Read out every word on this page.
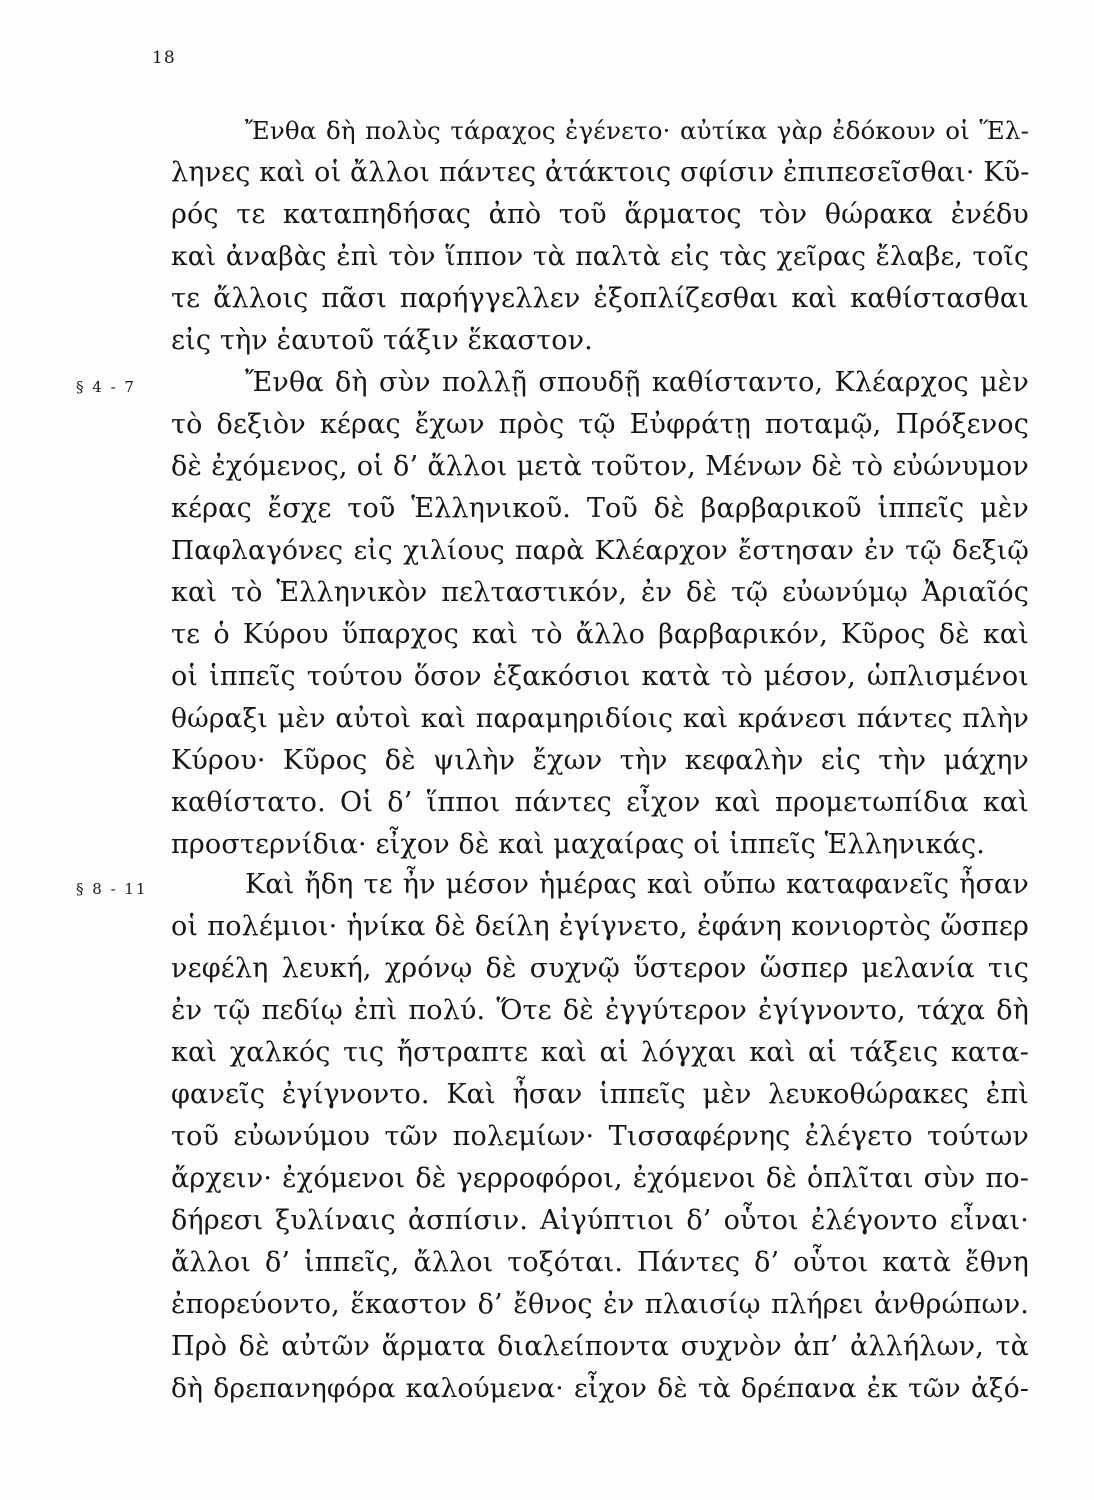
18
§ 4 - 7
§ 8 - 11
Ἔνθα δὴ πολὺς τάραχος ἐγένετο· αὐτίκα γὰρ ἐδόκουν οἱ Ἕλ-
ληνες καὶ οἱ ἄλλοι πάντες ἀτάκτοις σφίσιν ἐπιπεσεῖσθαι· Κῦ-
ρός τε καταπηδήσας ἀπὸ τοῦ ἅρματος τὸν θώρακα ἐνέδυ
καὶ ἀναβὰς ἐπὶ τὸν ἵππον τὰ παλτὰ εἰς τὰς χεῖρας ἔλαβε, τοῖς
τε ἄλλοις πᾶσι παρήγγελλεν ἐξοπλίζεσθαι καὶ καθίστασθαι
εἰς τὴν ἑαυτοῦ τάξιν ἕκαστον.
Ἔνθα δὴ σὺν πολλῇ σπουδῇ καθίσταντο, Κλέαρχος μὲν
τὸ δεξιὸν κέρας ἔχων πρὸς τῷ Εὐφράτῃ ποταμῷ, Πρόξενος
δὲ ἐχόμενος, οἱ δ’ ἄλλοι μετὰ τοῦτον, Μένων δὲ τὸ εὐώνυμον
κέρας ἔσχε τοῦ Ἑλληνικοῦ. Τοῦ δὲ βαρβαρικοῦ ἱππεῖς μὲν
Παφλαγόνες εἰς χιλίους παρὰ Κλέαρχον ἔστησαν ἐν τῷ δεξιῷ
καὶ τὸ Ἑλληνικὸν πελταστικόν, ἐν δὲ τῷ εὐωνύμῳ Ἀριαῖός
τε ὁ Κύρου ὕπαρχος καὶ τὸ ἄλλο βαρβαρικόν, Κῦρος δὲ καὶ
οἱ ἱππεῖς τούτου ὅσον ἑξακόσιοι κατὰ τὸ μέσον, ὡπλισμένοι
θώραξι μὲν αὐτοὶ καὶ παραμηριδίοις καὶ κράνεσι πάντες πλὴν
Κύρου· Κῦρος δὲ ψιλὴν ἔχων τὴν κεφαλὴν εἰς τὴν μάχην
καθίστατο. Οἱ δ’ ἵπποι πάντες εἶχον καὶ προμετωπίδια καὶ
προστερνίδια· εἶχον δὲ καὶ μαχαίρας οἱ ἱππεῖς Ἑλληνικάς.
Καὶ ἤδη τε ἦν μέσον ἡμέρας καὶ οὔπω καταφανεῖς ἦσαν
οἱ πολέμιοι· ἡνίκα δὲ δείλη ἐγίγνετο, ἐφάνη κονιορτὸς ὥσπερ
νεφέλη λευκή, χρόνῳ δὲ συχνῷ ὕστερον ὥσπερ μελανία τις
ἐν τῷ πεδίῳ ἐπὶ πολύ. Ὅτε δὲ ἐγγύτερον ἐγίγνοντο, τάχα δὴ
καὶ χαλκός τις ἤστραπτε καὶ αἱ λόγχαι καὶ αἱ τάξεις κατα-
φανεῖς ἐγίγνοντο. Καὶ ἦσαν ἱππεῖς μὲν λευκοθώρακες ἐπὶ
τοῦ εὐωνύμου τῶν πολεμίων· Τισσαφέρνης ἐλέγετο τούτων
ἄρχειν· ἐχόμενοι δὲ γερροφόροι, ἐχόμενοι δὲ ὁπλῖται σὺν πο-
δήρεσι ξυλίναις ἀσπίσιν. Αἰγύπτιοι δ’ οὗτοι ἐλέγοντο εἶναι·
ἄλλοι δ’ ἱππεῖς, ἄλλοι τοξόται. Πάντες δ’ οὗτοι κατὰ ἔθνη
ἐπορεύοντο, ἕκαστον δ’ ἔθνος ἐν πλαισίῳ πλήρει ἀνθρώπων.
Πρὸ δὲ αὐτῶν ἅρματα διαλείποντα συχνὸν ἀπ’ ἀλλήλων, τὰ
δὴ δρεπανηφόρα καλούμενα· εἶχον δὲ τὰ δρέπανα ἐκ τῶν ἀξό-
